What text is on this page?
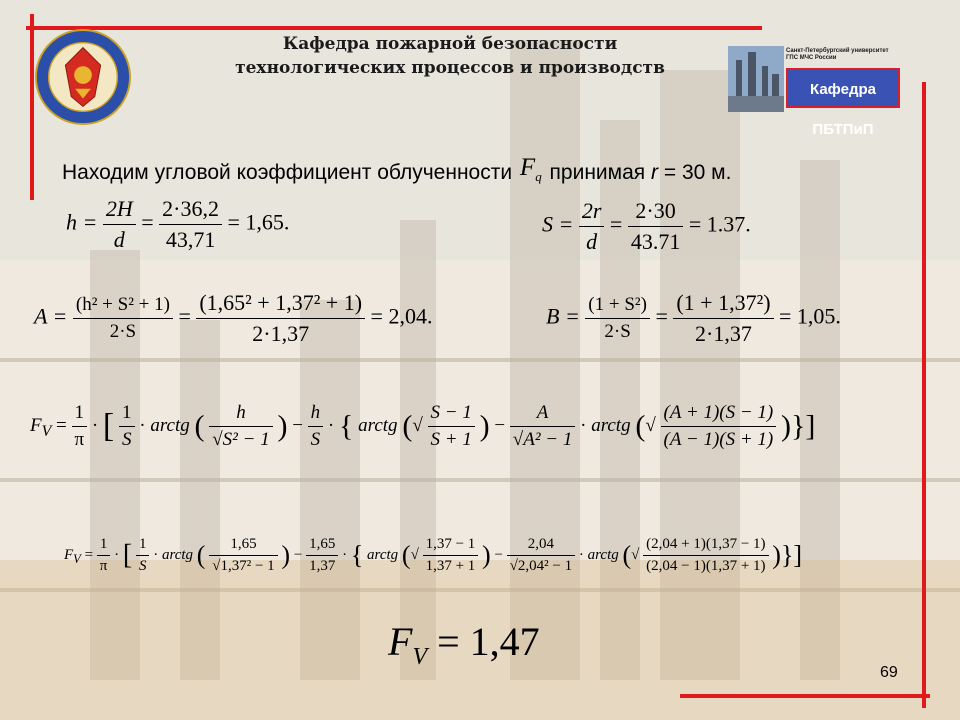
Кафедра пожарной безопасности
технологических процессов и производств
Санкт-Петербургский университет ГПС МЧС России
Кафедра ПБТПиП
Находим угловой коэффициент облученности $F_q$ принимая r = 30 м.
$h = \frac{2H}{d} = \frac{2\cdot 36,2}{43,71} = 1,65$.	$S = \frac{2r}{d} = \frac{2\cdot 30}{43.71} = 1.37$.
$A = \frac{\text{(h² + S² + 1)}}{2\cdot S} = \frac{\text{(1,65² + 1,37² + 1)}}{2\cdot 1,37} = 2,04$.	$B = \frac{\text{(1 + S²)}}{2\cdot S} = \frac{\text{(1 + 1,37²)}}{2\cdot 1,37} = 1,05$.
$F_V = \frac{1}{\pi}$ · [ $\frac{1}{S}$ · arctg ( $\frac{h}{\text{√S² − 1}}$ ) − $\frac{h}{S}$ · { arctg (√ $\frac{S - 1}{S + 1}$ ) − $\frac{A}{\text{√A² − 1}}$ · arctg (√ $\frac{(A + 1)(S - 1)}{(A - 1)(S + 1)}$ )}]
$F_V = \frac{1}{\pi}$ · [ $\frac{1}{S}$ · arctg ( $\frac{1,65}{\text{√1,37² − 1}}$ ) − $\frac{1,65}{1,37}$ · { arctg (√ $\frac{1,37 - 1}{1,37 + 1}$ ) − $\frac{2,04}{\text{√2,04² − 1}}$ · arctg (√ $\frac{(2,04 + 1)(1,37 - 1)}{(2,04 - 1)(1,37 + 1)}$ )}]
$F_V = 1,47$
69
